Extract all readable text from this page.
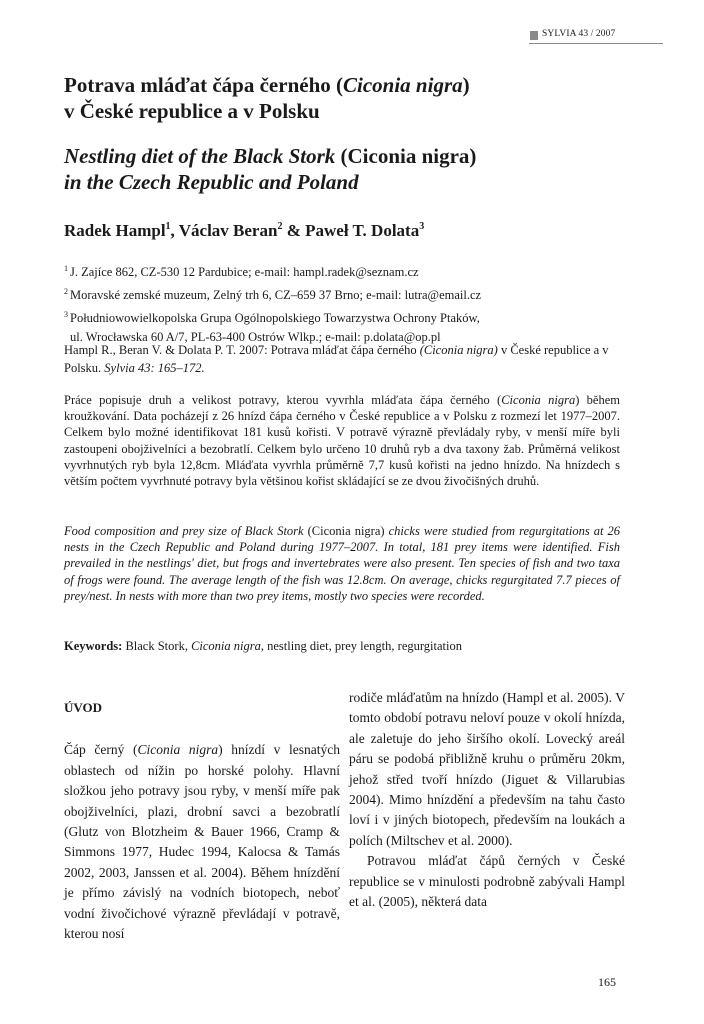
SYLVIA 43 / 2007
Potrava mláďat čápa černého (Ciconia nigra)
v České republice a v Polsku
Nestling diet of the Black Stork (Ciconia nigra)
in the Czech Republic and Poland
Radek Hampl$^1$, Václav Beran$^2$ & Paweł T. Dolata$^3$
$^1$ J. Zajíce 862, CZ-530 12 Pardubice; e-mail: hampl.radek@seznam.cz
$^2$ Moravské zemské muzeum, Zelný trh 6, CZ–659 37 Brno; e-mail: lutra@email.cz
$^3$ Południowowielkopolska Grupa Ogólnopolskiego Towarzystwa Ochrony Ptaków,
ul. Wrocławska 60 A/7, PL-63-400 Ostrów Wlkp.; e-mail: p.dolata@op.pl
Hampl R., Beran V. & Dolata P. T. 2007: Potrava mláďat čápa černého (Ciconia nigra) v České republice a v Polsku. Sylvia 43: 165–172.
Práce popisuje druh a velikost potravy, kterou vyvrhla mláďata čápa černého (Ciconia nigra) během kroužkování. Data pocházejí z 26 hnízd čápa černého v České republice a v Polsku z rozmezí let 1977–2007. Celkem bylo možné identifikovat 181 kusů kořisti. V potravě výrazně převládaly ryby, v menší míře byli zastoupeni obojživelníci a bezobratlí. Celkem bylo určeno 10 druhů ryb a dva taxony žab. Průměrná velikost vyvrhnutých ryb byla 12,8cm. Mláďata vyvrhla průměrně 7,7 kusů kořisti na jedno hnízdo. Na hnízdech s větším počtem vyvrhnuté potravy byla většinou kořist skládající se ze dvou živočišných druhů.
Food composition and prey size of Black Stork (Ciconia nigra) chicks were studied from regurgitations at 26 nests in the Czech Republic and Poland during 1977–2007. In total, 181 prey items were identified. Fish prevailed in the nestlings' diet, but frogs and invertebrates were also present. Ten species of fish and two taxa of frogs were found. The average length of the fish was 12.8cm. On average, chicks regurgitated 7.7 pieces of prey/nest. In nests with more than two prey items, mostly two species were recorded.
Keywords: Black Stork, Ciconia nigra, nestling diet, prey length, regurgitation
ÚVOD

Čáp černý (Ciconia nigra) hnízdí v lesnatých oblastech od nížin po horské polohy. Hlavní složkou jeho potravy jsou ryby, v menší míře pak obojživelníci, plazi, drobní savci a bezobratlí (Glutz von Blotzheim & Bauer 1966, Cramp & Simmons 1977, Hudec 1994, Kalocsa & Tamás 2002, 2003, Janssen et al. 2004). Během hnízdění je přímo závislý na vodních biotopech, neboť vodní živočichové výrazně převládají v potravě, kterou nosí

rodiče mláďatům na hnízdo (Hampl et al. 2005). V tomto období potravu neloví pouze v okolí hnízda, ale zaletuje do jeho širšího okolí. Lovecký areál páru se podobá přibližně kruhu o průměru 20km, jehož střed tvoří hnízdo (Jiguet & Villarubias 2004). Mimo hnízdění a především na tahu často loví i v jiných biotopech, především na loukách a polích (Miltschev et al. 2000).

Potravou mláďat čápů černých v České republice se v minulosti podrobně zabývali Hampl et al. (2005), některá data

165
